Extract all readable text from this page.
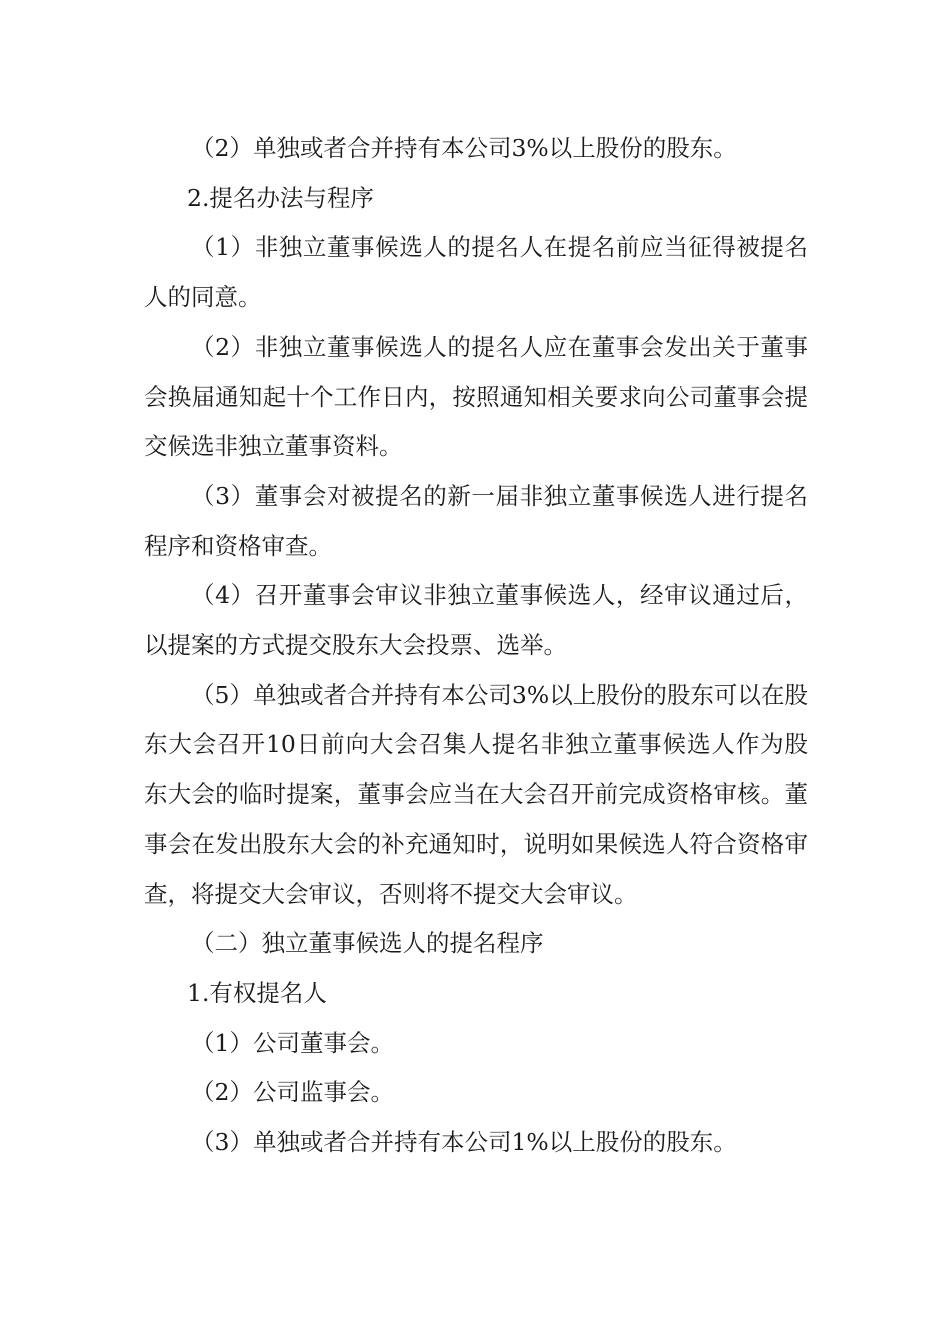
（2）单独或者合并持有本公司3%以上股份的股东。

2.提名办法与程序

（1）非独立董事候选人的提名人在提名前应当征得被提名人的同意。

（2）非独立董事候选人的提名人应在董事会发出关于董事会换届通知起十个工作日内，按照通知相关要求向公司董事会提交候选非独立董事资料。

（3）董事会对被提名的新一届非独立董事候选人进行提名程序和资格审查。

（4）召开董事会审议非独立董事候选人，经审议通过后，以提案的方式提交股东大会投票、选举。

（5）单独或者合并持有本公司3%以上股份的股东可以在股东大会召开10日前向大会召集人提名非独立董事候选人作为股东大会的临时提案，董事会应当在大会召开前完成资格审核。董事会在发出股东大会的补充通知时，说明如果候选人符合资格审查，将提交大会审议，否则将不提交大会审议。

（二）独立董事候选人的提名程序

1.有权提名人

（1）公司董事会。

（2）公司监事会。

（3）单独或者合并持有本公司1%以上股份的股东。
